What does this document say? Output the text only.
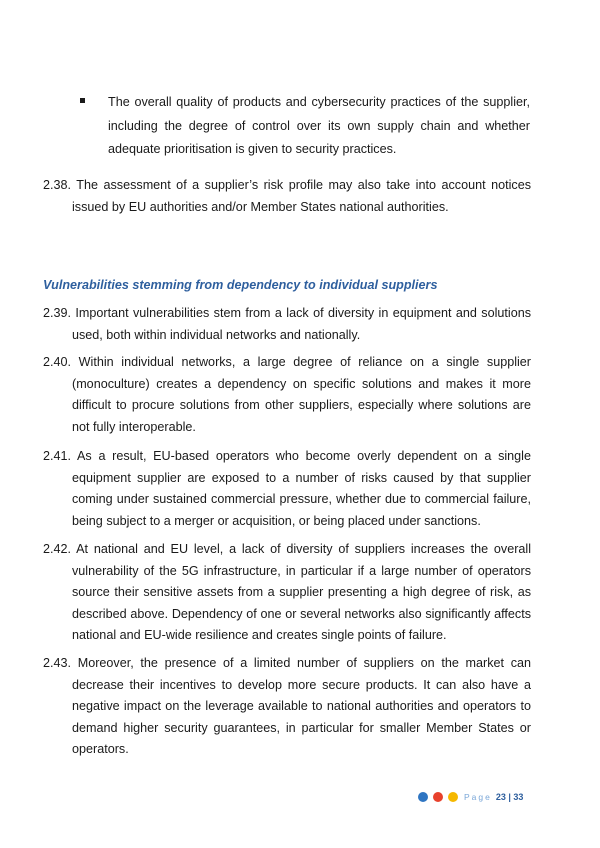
The overall quality of products and cybersecurity practices of the supplier, including the degree of control over its own supply chain and whether adequate prioritisation is given to security practices.
2.38. The assessment of a supplier’s risk profile may also take into account notices issued by EU authorities and/or Member States national authorities.
Vulnerabilities stemming from dependency to individual suppliers
2.39. Important vulnerabilities stem from a lack of diversity in equipment and solutions used, both within individual networks and nationally.
2.40. Within individual networks, a large degree of reliance on a single supplier (monoculture) creates a dependency on specific solutions and makes it more difficult to procure solutions from other suppliers, especially where solutions are not fully interoperable.
2.41. As a result, EU-based operators who become overly dependent on a single equipment supplier are exposed to a number of risks caused by that supplier coming under sustained commercial pressure, whether due to commercial failure, being subject to a merger or acquisition, or being placed under sanctions.
2.42. At national and EU level, a lack of diversity of suppliers increases the overall vulnerability of the 5G infrastructure, in particular if a large number of operators source their sensitive assets from a supplier presenting a high degree of risk, as described above. Dependency of one or several networks also significantly affects national and EU-wide resilience and creates single points of failure.
2.43. Moreover, the presence of a limited number of suppliers on the market can decrease their incentives to develop more secure products. It can also have a negative impact on the leverage available to national authorities and operators to demand higher security guarantees, in particular for smaller Member States or operators.
Page 23 | 33
